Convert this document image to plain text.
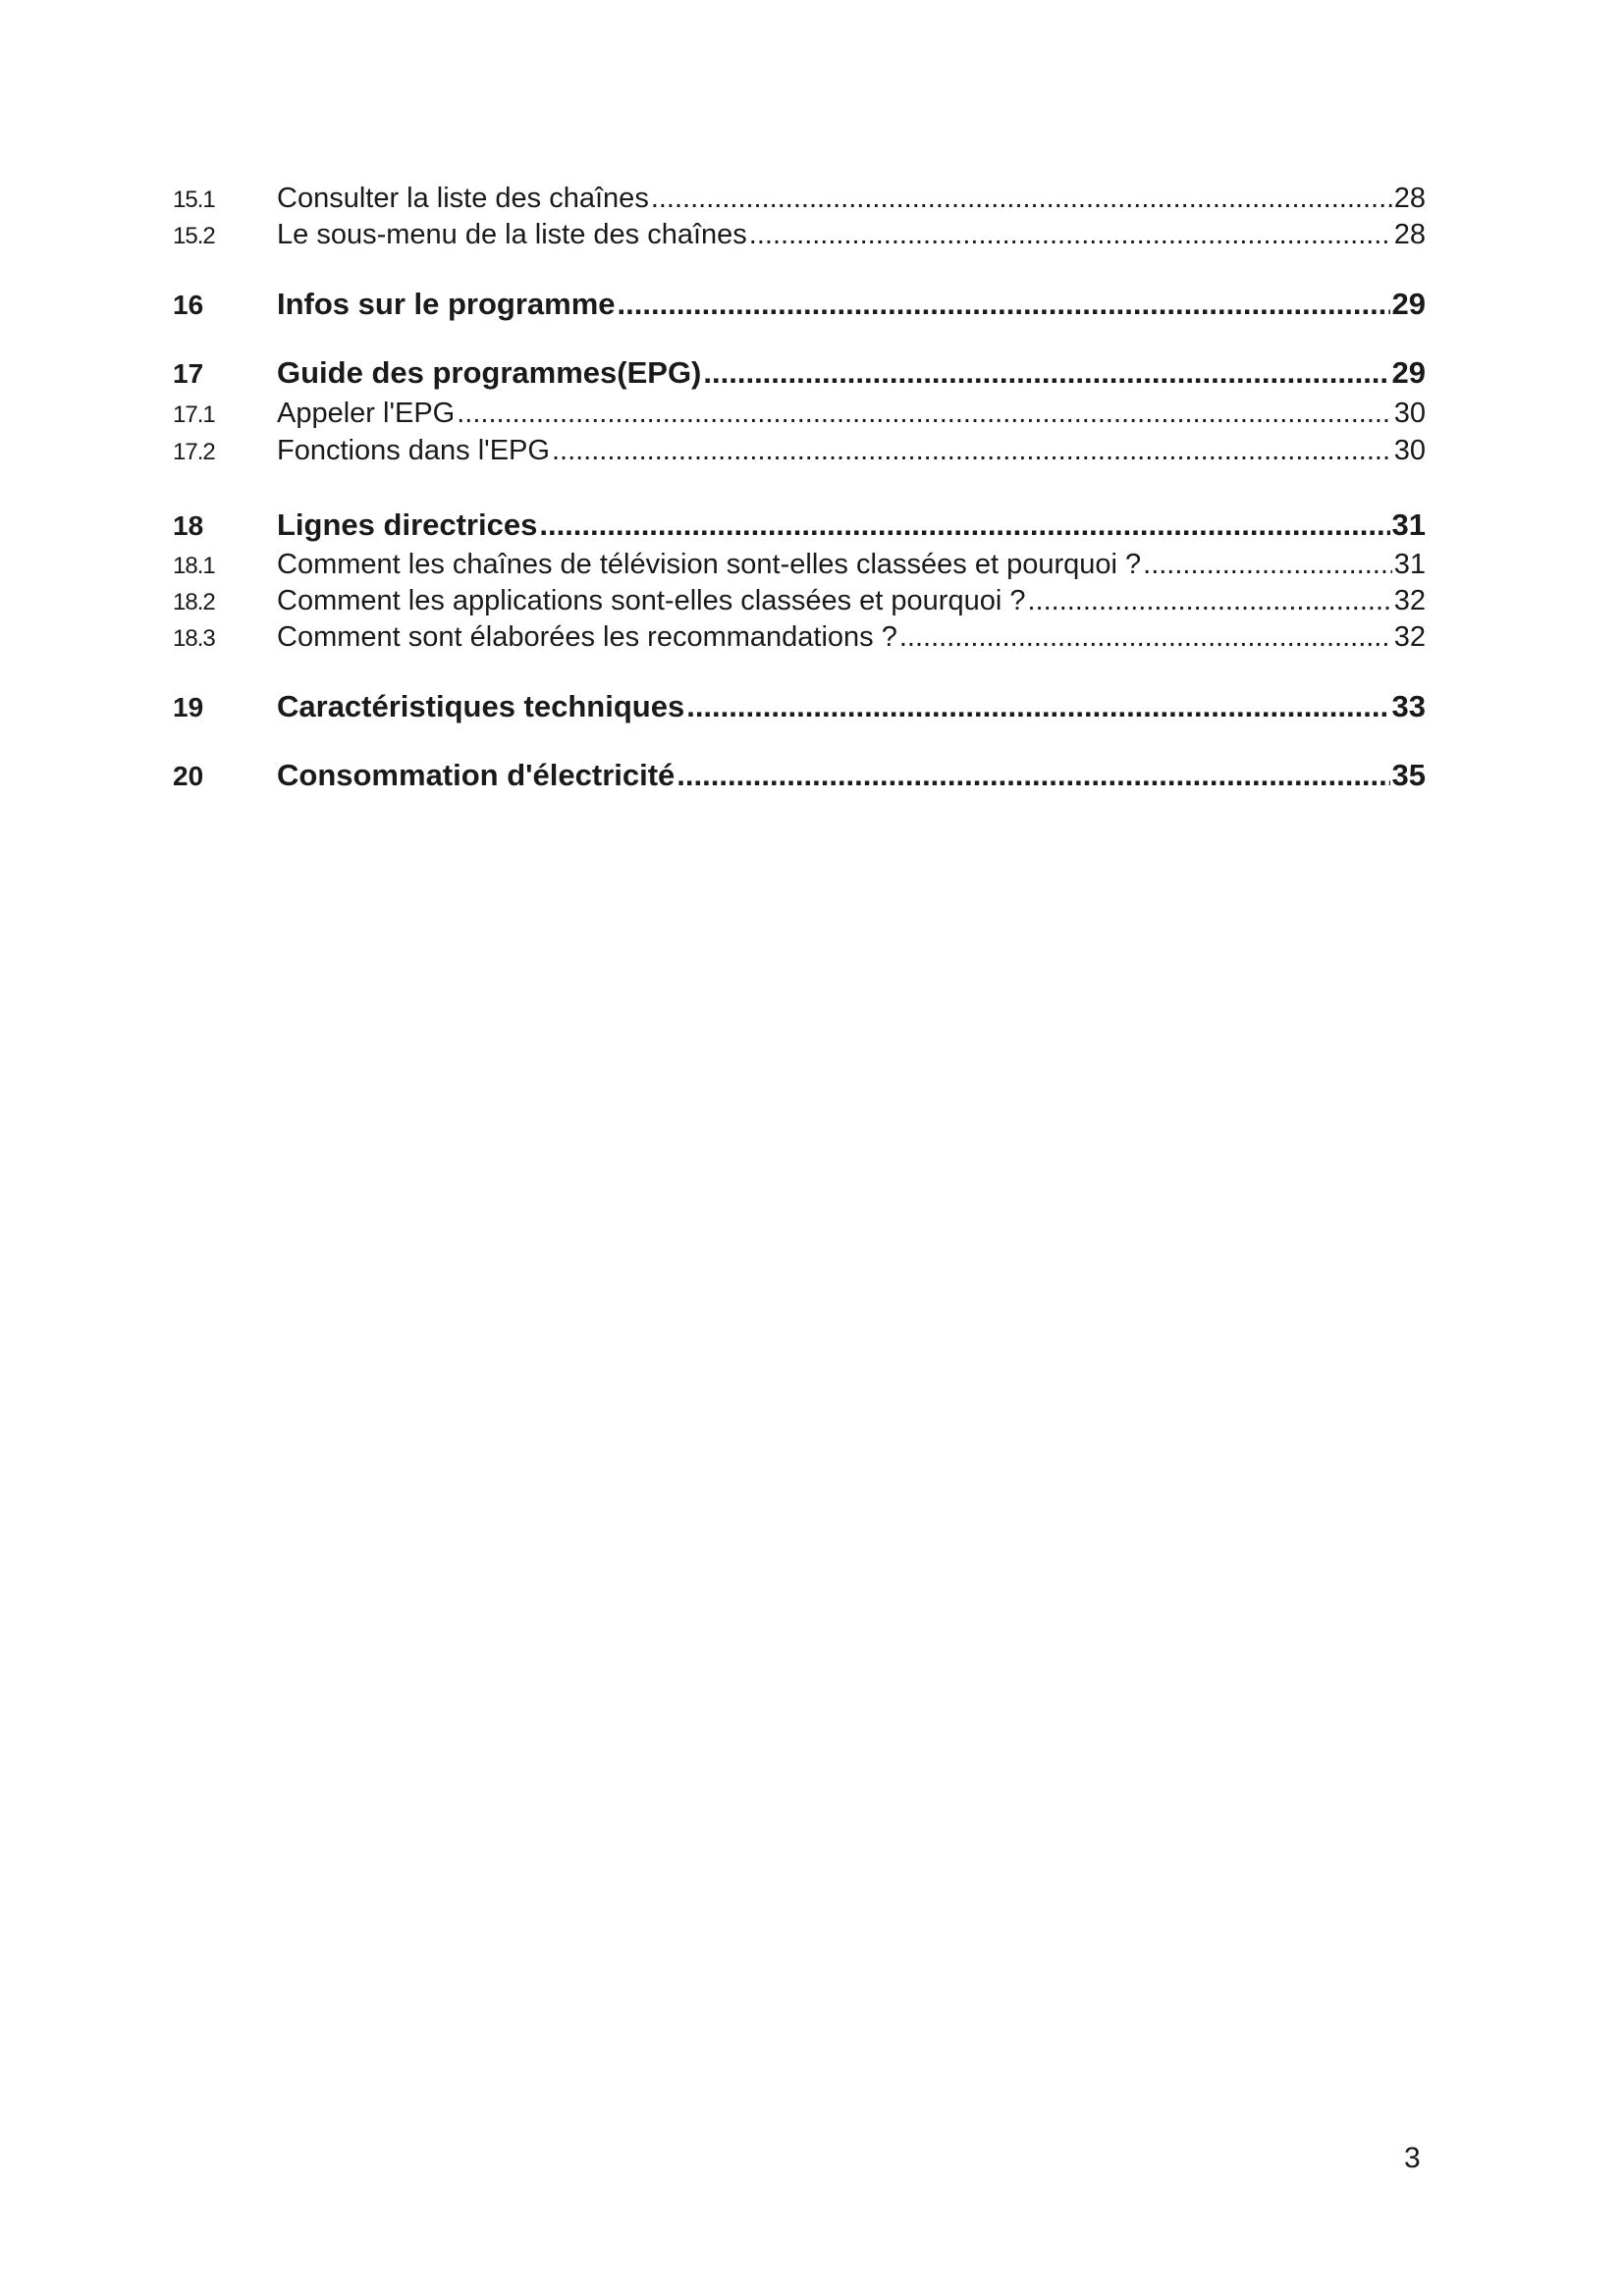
15.1	Consulter la liste des chaînes .....	28
15.2	Le sous-menu de la liste des chaînes .....	28
16	Infos sur le programme .....	29
17	Guide des programmes(EPG) .....	29
17.1	Appeler l'EPG .....	30
17.2	Fonctions dans l'EPG .....	30
18	Lignes directrices .....	31
18.1	Comment les chaînes de télévision sont-elles classées et pourquoi ? .....	31
18.2	Comment les applications sont-elles classées et pourquoi ? .....	32
18.3	Comment sont élaborées les recommandations ? .....	32
19	Caractéristiques techniques .....	33
20	Consommation d'électricité .....	35
3
